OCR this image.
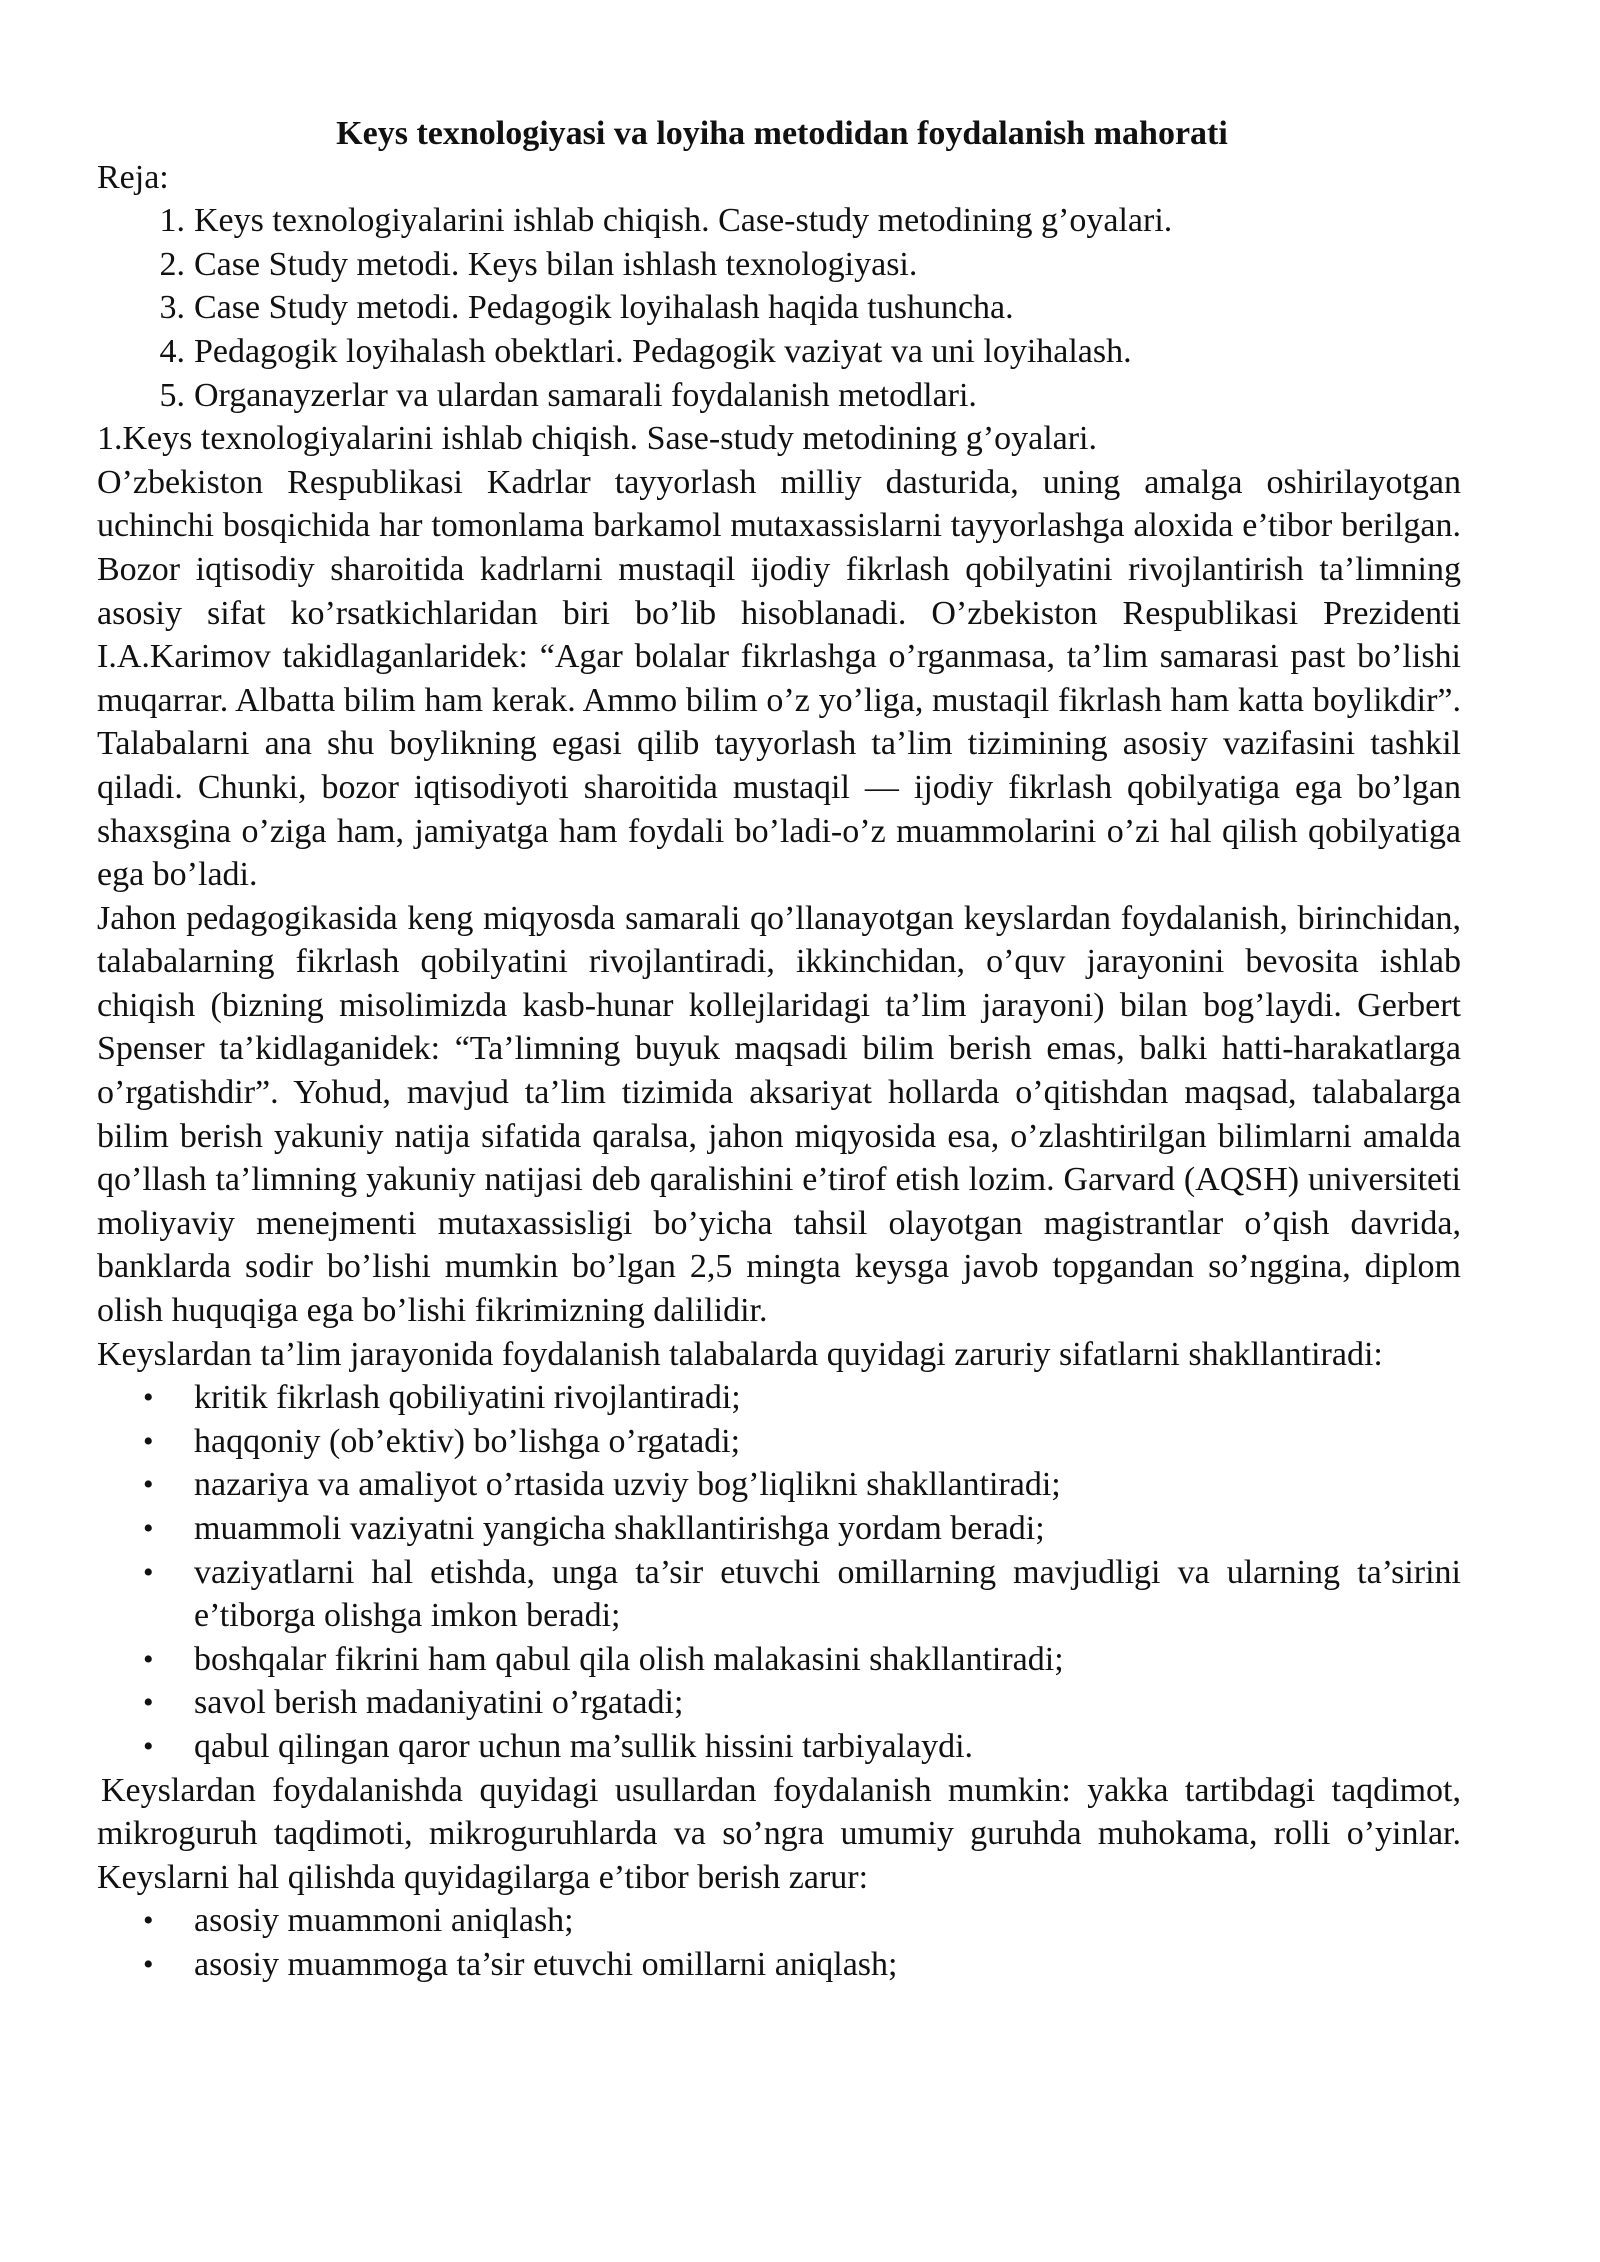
Keys texnologiyasi va loyiha metodidan foydalanish mahorati

Reja:

1. Keys texnologiyalarini ishlab chiqish. Case-study metodining g’oyalari.
2. Case Study metodi. Keys bilan ishlash texnologiyasi.
3. Case Study metodi. Pedagogik loyihalash haqida tushuncha.
4. Pedagogik loyihalash obektlari. Pedagogik vaziyat va uni loyihalash.
5. Organayzerlar va ulardan samarali foydalanish metodlari.

1.Keys texnologiyalarini ishlab chiqish. Sase-study metodining g’oyalari.

O’zbekiston Respublikasi Kadrlar tayyorlash milliy dasturida, uning amalga oshirilayotgan uchinchi bosqichida har tomonlama barkamol mutaxassislarni tayyorlashga aloxida e’tibor berilgan. Bozor iqtisodiy sharoitida kadrlarni mustaqil ijodiy fikrlash qobilyatini rivojlantirish ta’limning asosiy sifat ko’rsatkichlaridan biri bo’lib hisoblanadi. O’zbekiston Respublikasi Prezidenti I.A.Karimov takidlaganlaridek: “Agar bolalar fikrlashga o’rganmasa, ta’lim samarasi past bo’lishi muqarrar. Albatta bilim ham kerak. Ammo bilim o’z yo’liga, mustaqil fikrlash ham katta boylikdir”. Talabalarni ana shu boylikning egasi qilib tayyorlash ta’lim tizimining asosiy vazifasini tashkil qiladi. Chunki, bozor iqtisodiyoti sharoitida mustaqil — ijodiy fikrlash qobilyatiga ega bo’lgan shaxsgina o’ziga ham, jamiyatga ham foydali bo’ladi-o’z muammolarini o’zi hal qilish qobilyatiga ega bo’ladi.

Jahon pedagogikasida keng miqyosda samarali qo’llanayotgan keyslardan foydalanish, birinchidan, talabalarning fikrlash qobilyatini rivojlantiradi, ikkinchidan, o’quv jarayonini bevosita ishlab chiqish (bizning misolimizda kasb-hunar kollejlaridagi ta’lim jarayoni) bilan bog’laydi. Gerbert Spenser ta’kidlaganidek: “Ta’limning buyuk maqsadi bilim berish emas, balki hatti-harakatlarga o’rgatishdir”. Yohud, mavjud ta’lim tizimida aksariyat hollarda o’qitishdan maqsad, talabalarga bilim berish yakuniy natija sifatida qaralsa, jahon miqyosida esa, o’zlashtirilgan bilimlarni amalda qo’llash ta’limning yakuniy natijasi deb qaralishini e’tirof etish lozim. Garvard (AQSH) universiteti moliyaviy menejmenti mutaxassisligi bo’yicha tahsil olayotgan magistrantlar o’qish davrida, banklarda sodir bo’lishi mumkin bo’lgan 2,5 mingta keysga javob topgandan so’nggina, diplom olish huquqiga ega bo’lishi fikrimizning dalilidir.

Keyslardan ta’lim jarayonida foydalanish talabalarda quyidagi zaruriy sifatlarni shakllantiradi:

• kritik fikrlash qobiliyatini rivojlantiradi;
• haqqoniy (ob’ektiv) bo’lishga o’rgatadi;
• nazariya va amaliyot o’rtasida uzviy bog’liqlikni shakllantiradi;
• muammoli vaziyatni yangicha shakllantirishga yordam beradi;
• vaziyatlarni hal etishda, unga ta’sir etuvchi omillarning mavjudligi va ularning ta’sirini e’tiborga olishga imkon beradi;
• boshqalar fikrini ham qabul qila olish malakasini shakllantiradi;
• savol berish madaniyatini o’rgatadi;
• qabul qilingan qaror uchun ma’sullik hissini tarbiyalaydi.

Keyslardan foydalanishda quyidagi usullardan foydalanish mumkin: yakka tartibdagi taqdimot, mikroguruh taqdimoti, mikroguruhlarda va so’ngra umumiy guruhda muhokama, rolli o’yinlar. Keyslarni hal qilishda quyidagilarga e’tibor berish zarur:

• asosiy muammoni aniqlash;
• asosiy muammoga ta’sir etuvchi omillarni aniqlash;
